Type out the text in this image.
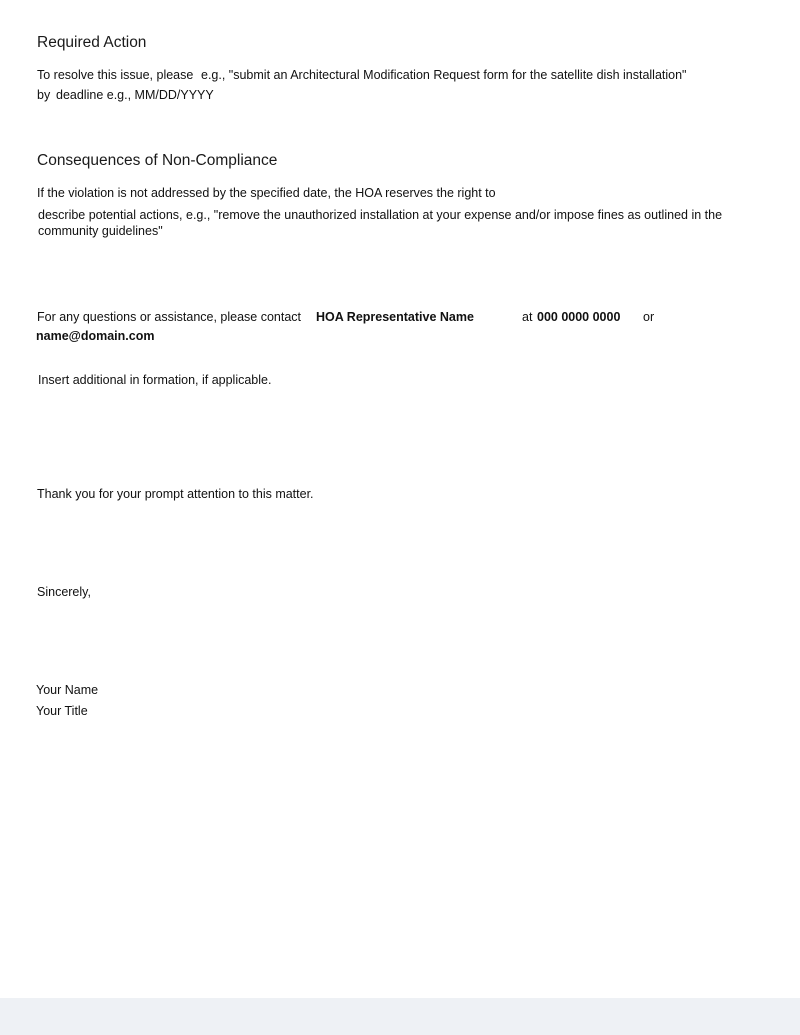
Required Action
To resolve this issue, please e.g., "submit an Architectural Modification Request form for the satellite dish installation"
by deadline e.g., MM/DD/YYYY
Consequences of Non-Compliance
If the violation is not addressed by the specified date, the HOA reserves the right to
describe potential actions, e.g., "remove the unauthorized installation at your expense and/or impose fines as outlined in the community guidelines"
For any questions or assistance, please contact HOA Representative Name	at 000 0000 0000 or
name@domain.com
Insert additional in formation, if applicable.
Thank you for your prompt attention to this matter.
Sincerely,
Your Name
Your Title
